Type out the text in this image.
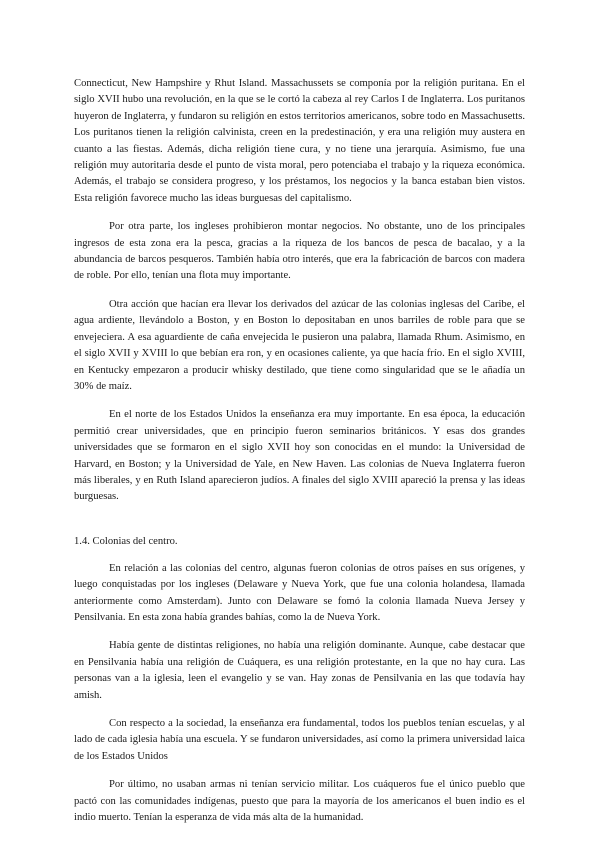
Connecticut, New Hampshire y Rhut Island. Massachussets se componía por la religión puritana. En el siglo XVII hubo una revolución, en la que se le cortó la cabeza al rey Carlos I de Inglaterra. Los puritanos huyeron de Inglaterra, y fundaron su religión en estos territorios americanos, sobre todo en Massachusetts. Los puritanos tienen la religión calvinista, creen en la predestinación, y era una religión muy austera en cuanto a las fiestas. Además, dicha religión tiene cura, y no tiene una jerarquía. Asimismo, fue una religión muy autoritaria desde el punto de vista moral, pero potenciaba el trabajo y la riqueza económica. Además, el trabajo se considera progreso, y los préstamos, los negocios y la banca estaban bien vistos. Esta religión favorece mucho las ideas burguesas del capitalismo.

Por otra parte, los ingleses prohibieron montar negocios. No obstante, uno de los principales ingresos de esta zona era la pesca, gracias a la riqueza de los bancos de pesca de bacalao, y a la abundancia de barcos pesqueros. También había otro interés, que era la fabricación de barcos con madera de roble. Por ello, tenían una flota muy importante.

Otra acción que hacían era llevar los derivados del azúcar de las colonias inglesas del Caribe, el agua ardiente, llevándolo a Boston, y en Boston lo depositaban en unos barriles de roble para que se envejeciera. A esa aguardiente de caña envejecida le pusieron una palabra, llamada Rhum. Asimismo, en el siglo XVII y XVIII lo que bebían era ron, y en ocasiones caliente, ya que hacía frío. En el siglo XVIII, en Kentucky empezaron a producir whisky destilado, que tiene como singularidad que se le añadía un 30% de maíz.

En el norte de los Estados Unidos la enseñanza era muy importante. En esa época, la educación permitió crear universidades, que en principio fueron seminarios británicos. Y esas dos grandes universidades que se formaron en el siglo XVII hoy son conocidas en el mundo: la Universidad de Harvard, en Boston; y la Universidad de Yale, en New Haven. Las colonias de Nueva Inglaterra fueron más liberales, y en Ruth Island aparecieron judíos. A finales del siglo XVIII apareció la prensa y las ideas burguesas.

1.4. Colonias del centro.

En relación a las colonias del centro, algunas fueron colonias de otros países en sus orígenes, y luego conquistadas por los ingleses (Delaware y Nueva York, que fue una colonia holandesa, llamada anteriormente como Amsterdam). Junto con Delaware se fomó la colonia llamada Nueva Jersey y Pensilvania. En esta zona había grandes bahías, como la de Nueva York.

Había gente de distintas religiones, no había una religión dominante. Aunque, cabe destacar que en Pensilvania había una religión de Cuáquera, es una religión protestante, en la que no hay cura. Las personas van a la iglesia, leen el evangelio y se van. Hay zonas de Pensilvania en las que todavía hay amish.

Con respecto a la sociedad, la enseñanza era fundamental, todos los pueblos tenían escuelas, y al lado de cada iglesia había una escuela. Y se fundaron universidades, así como la primera universidad laica de los Estados Unidos

Por último, no usaban armas ni tenían servicio militar. Los cuáqueros fue el único pueblo que pactó con las comunidades indígenas, puesto que para la mayoría de los americanos el buen indio es el indio muerto. Tenían la esperanza de vida más alta de la humanidad.
